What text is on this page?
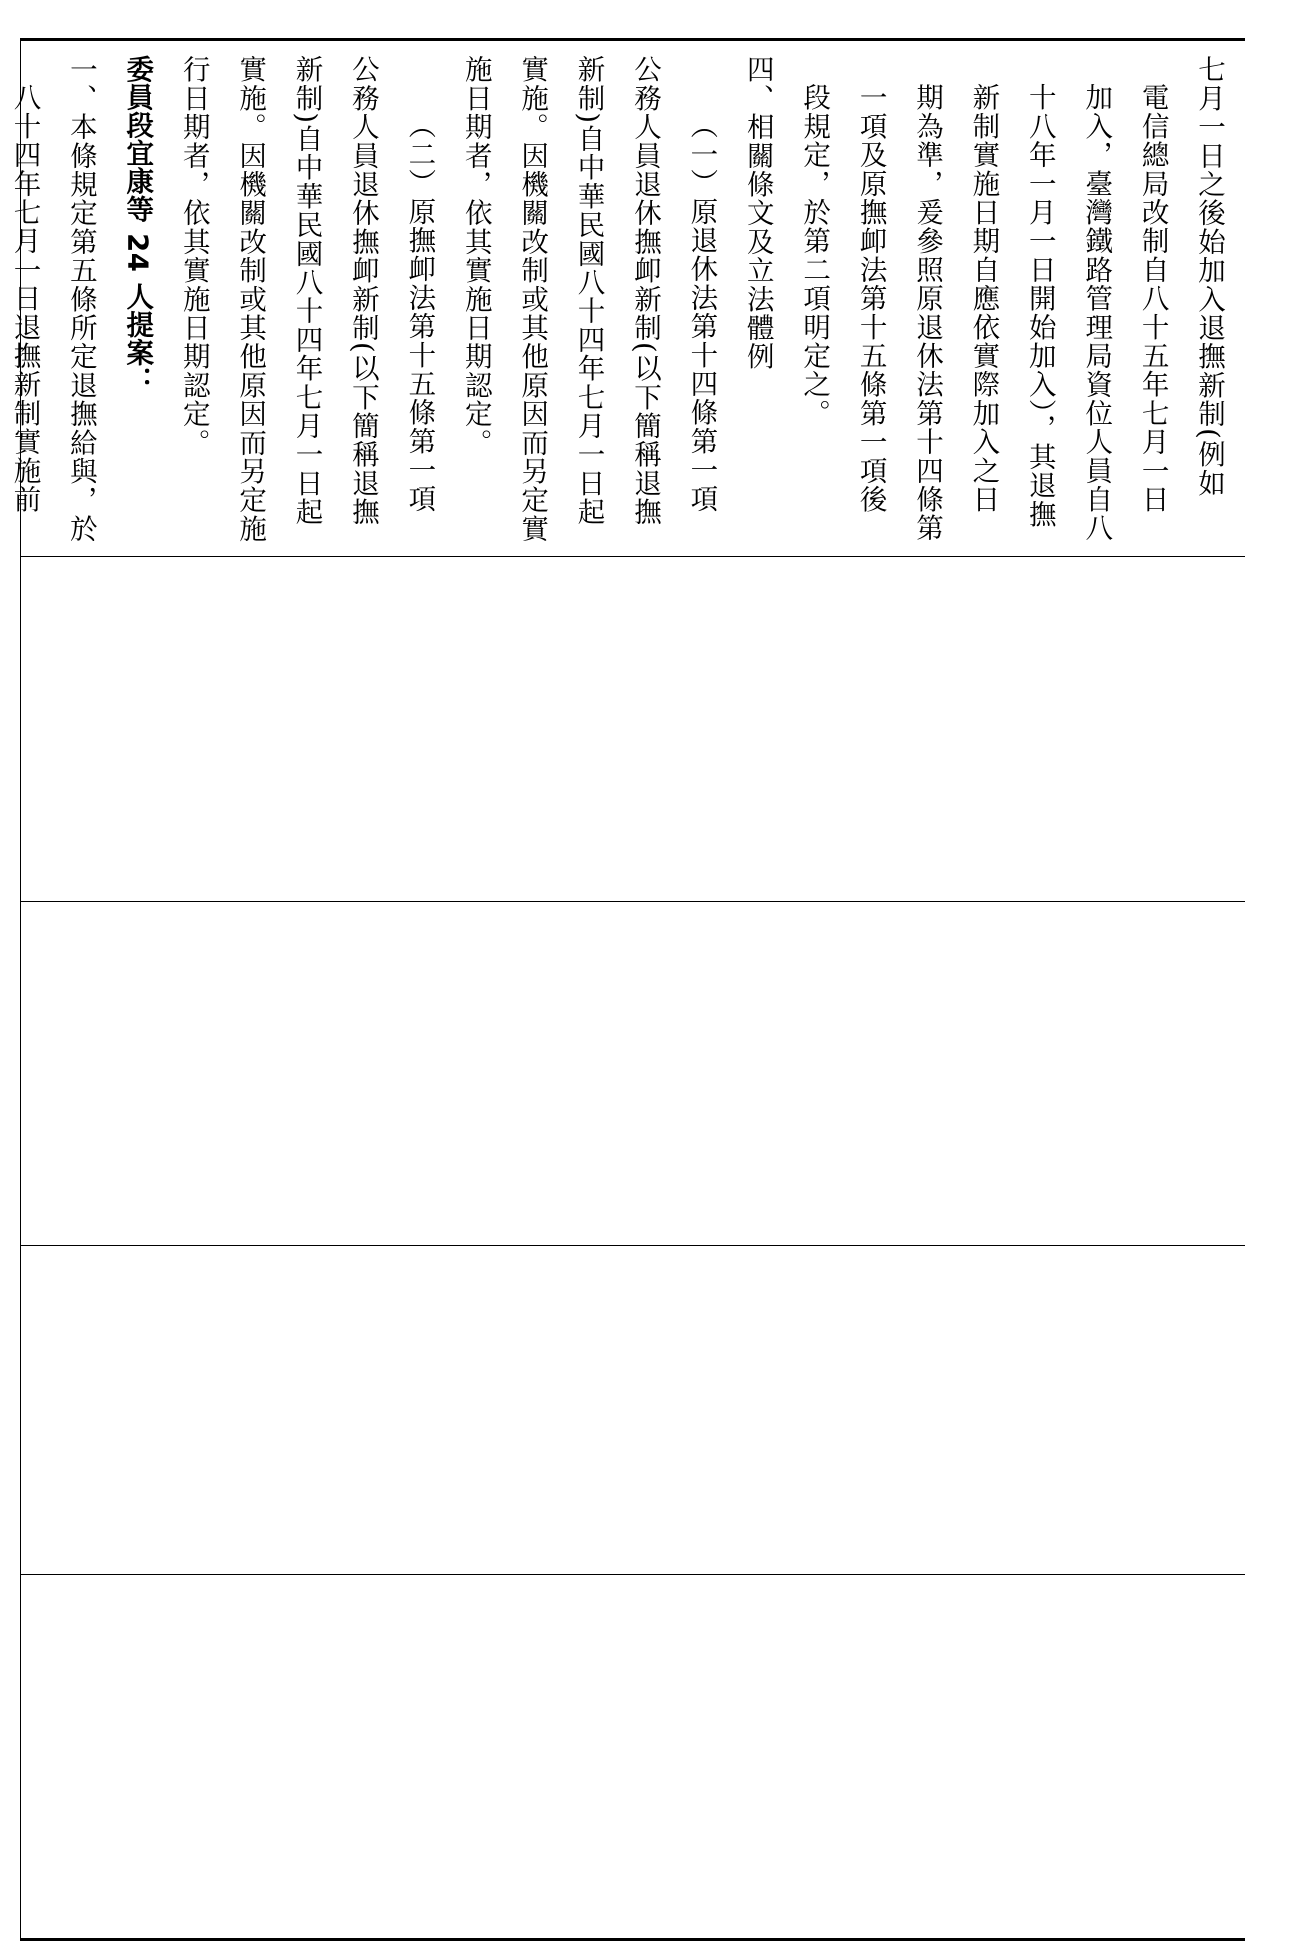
七月一日之後始加入退撫新制(例如

電信總局改制自八十五年七月一日

加入，臺灣鐵路管理局資位人員自八

十八年一月一日開始加入），其退撫

新制實施日期自應依實際加入之日

期為準，爰參照原退休法第十四條第

一項及原撫卹法第十五條第一項後

段規定，於第二項明定之。

四、相關條文及立法體例

（一）原退休法第十四條第一項

公務人員退休撫卹新制(以下簡稱退撫

新制)自中華民國八十四年七月一日起

實施。因機關改制或其他原因而另定實

施日期者，依其實施日期認定。

（二）原撫卹法第十五條第一項

公務人員退休撫卹新制(以下簡稱退撫

新制)自中華民國八十四年七月一日起

實施。因機關改制或其他原因而另定施

行日期者，依其實施日期認定。

委員段宜康等 24 人提案：

一、本條規定第五條所定退撫給與，於

八十四年七月一日退撫新制實施前
